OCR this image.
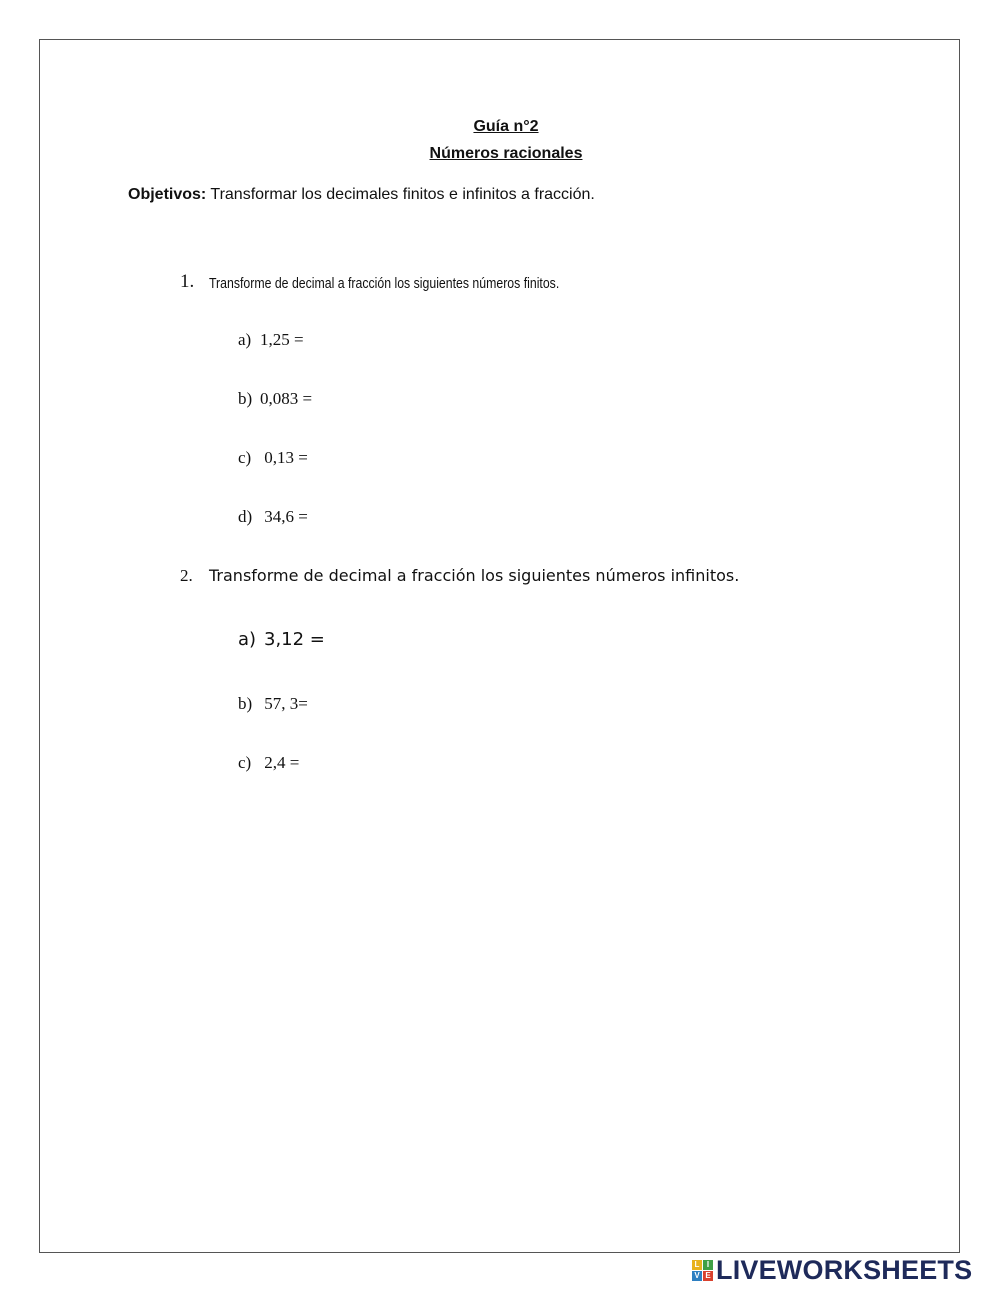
Guía n°2
Números racionales
Objetivos: Transformar los decimales finitos e infinitos a fracción.
1. Transforme de decimal a fracción los siguientes números finitos.
a) 1,25 =
b) 0,083 =
c) 0,13 =
d) 34,6 =
2. Transforme de decimal a fracción los siguientes números infinitos.
a) 3,12 =
b) 57, 3=
c) 2,4 =
L I
V E LIVEWORKSHEETS
